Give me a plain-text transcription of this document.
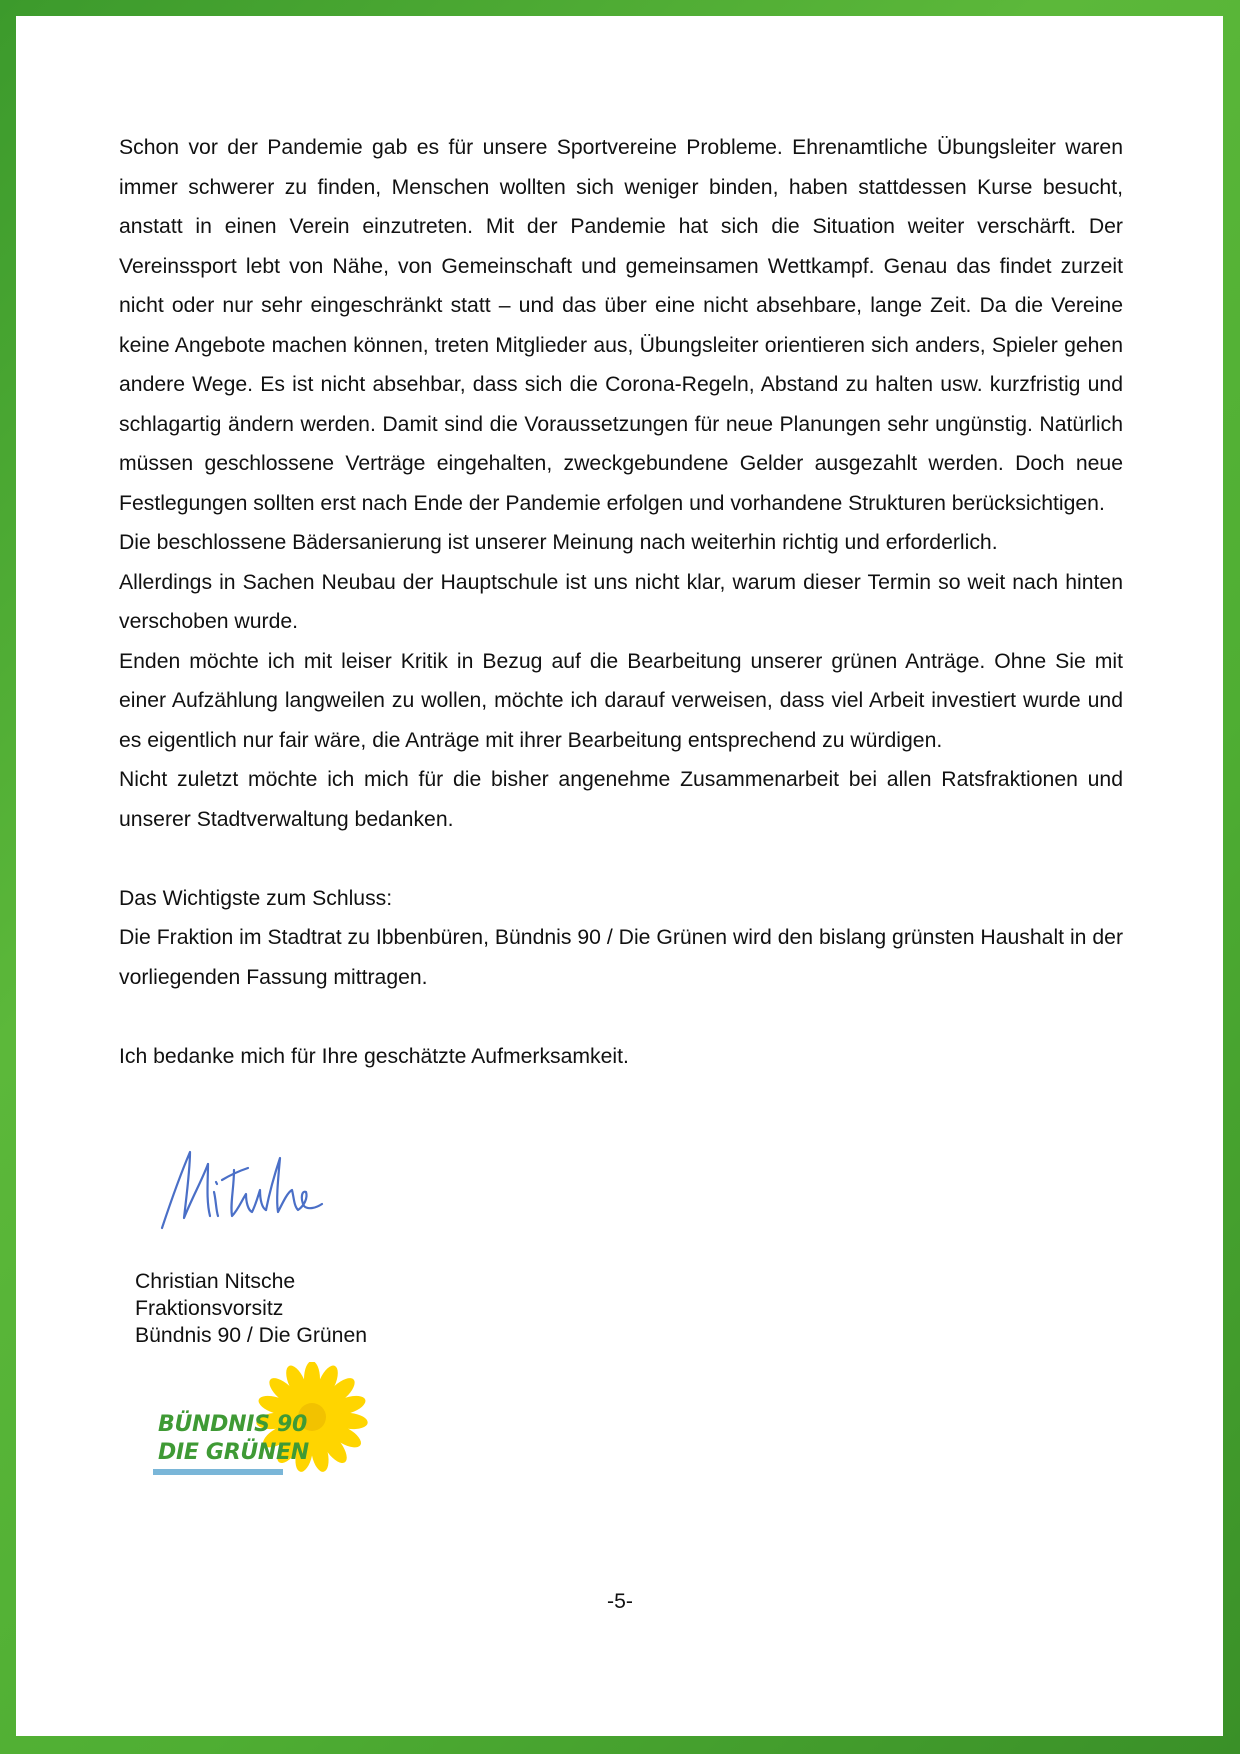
Schon vor der Pandemie gab es für unsere Sportvereine Probleme. Ehrenamtliche Übungsleiter waren immer schwerer zu finden, Menschen wollten sich weniger binden, haben stattdessen Kurse besucht, anstatt in einen Verein einzutreten. Mit der Pandemie hat sich die Situation weiter verschärft. Der Vereinssport lebt von Nähe, von Gemeinschaft und gemeinsamen Wettkampf. Genau das findet zurzeit nicht oder nur sehr eingeschränkt statt – und das über eine nicht absehbare, lange Zeit. Da die Vereine keine Angebote machen können, treten Mitglieder aus, Übungsleiter orientieren sich anders, Spieler gehen andere Wege. Es ist nicht absehbar, dass sich die Corona-Regeln, Abstand zu halten usw. kurzfristig und schlagartig ändern werden. Damit sind die Voraussetzungen für neue Planungen sehr ungünstig. Natürlich müssen geschlossene Verträge eingehalten, zweckgebundene Gelder ausgezahlt werden. Doch neue Festlegungen sollten erst nach Ende der Pandemie erfolgen und vorhandene Strukturen berücksichtigen.

Die beschlossene Bädersanierung ist unserer Meinung nach weiterhin richtig und erforderlich.

Allerdings in Sachen Neubau der Hauptschule ist uns nicht klar, warum dieser Termin so weit nach hinten verschoben wurde.

Enden möchte ich mit leiser Kritik in Bezug auf die Bearbeitung unserer grünen Anträge. Ohne Sie mit einer Aufzählung langweilen zu wollen, möchte ich darauf verweisen, dass viel Arbeit investiert wurde und es eigentlich nur fair wäre, die Anträge mit ihrer Bearbeitung entsprechend zu würdigen.

Nicht zuletzt möchte ich mich für die bisher angenehme Zusammenarbeit bei allen Ratsfraktionen und unserer Stadtverwaltung bedanken.

Das Wichtigste zum Schluss:

Die Fraktion im Stadtrat zu Ibbenbüren, Bündnis 90 / Die Grünen wird den bislang grünsten Haushalt in der vorliegenden Fassung mittragen.

Ich bedanke mich für Ihre geschätzte Aufmerksamkeit.

Christian Nitsche
Fraktionsvorsitz
Bündnis 90 / Die Grünen
BÜNDNIS 90
DIE GRÜNEN
-5-
